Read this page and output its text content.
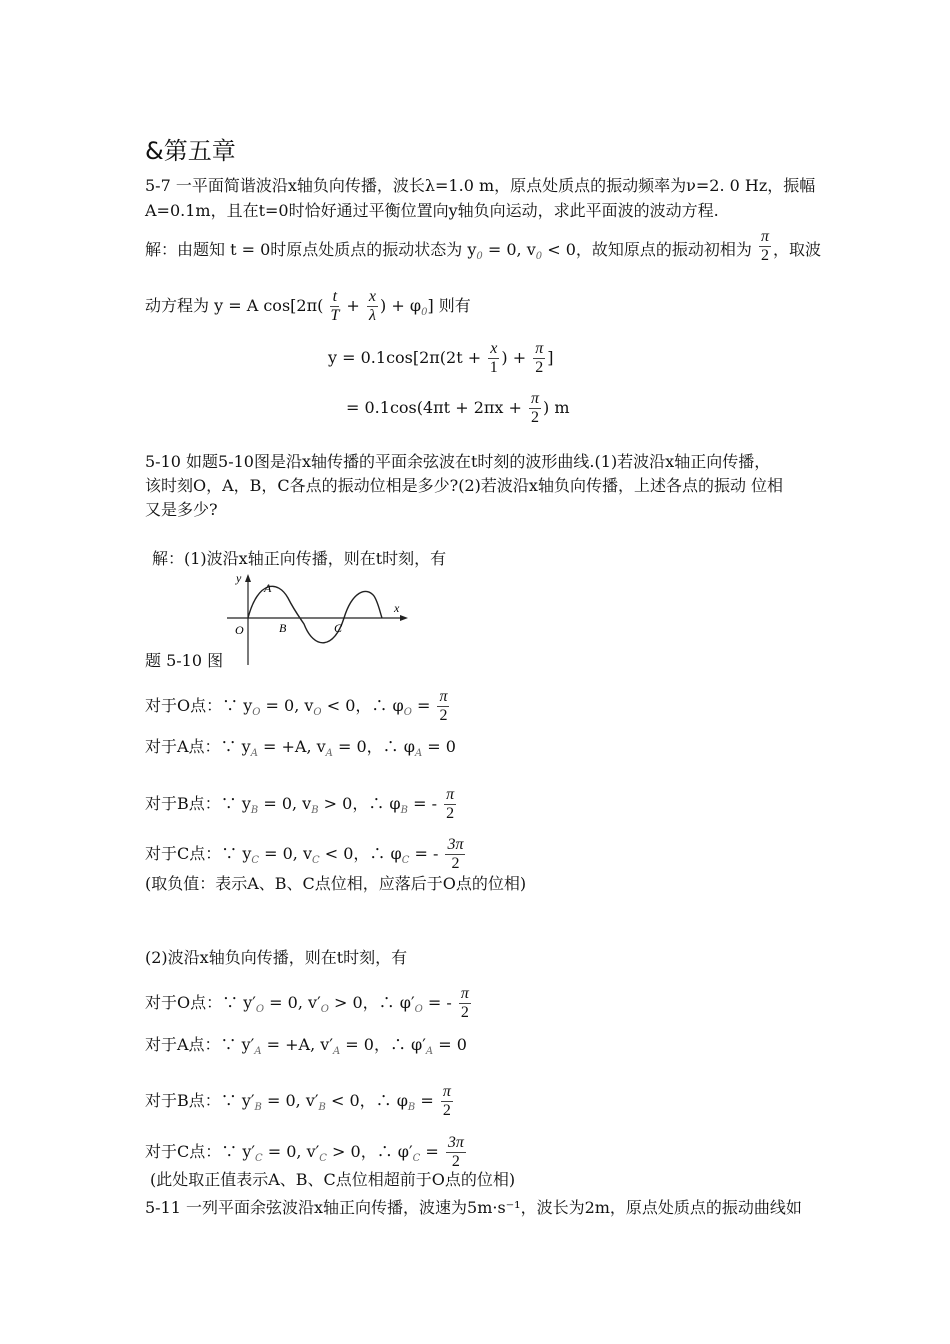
&第五章
5-7 一平面简谐波沿x轴负向传播，波长λ=1.0 m，原点处质点的振动频率为ν=2. 0 Hz，振幅
A=0.1m，且在t=0时恰好通过平衡位置向y轴负向运动，求此平面波的波动方程.
解：由题知 t = 0时原点处质点的振动状态为 $y_0 = 0$, $v_0 < 0$，故知原点的振动初相为 $\frac{\pi}{2}$ ，取波
动方程为 y = A $\cos[2\pi( \frac{t}{T} + \frac{x}{\lambda}$ ) + $\varphi_0$] 则有
$y = 0.1\cos[2\pi(2t + \frac{x}{1}$ ) + $\frac{\pi}{2}$ ]
= $0.1\cos(4\pi t + 2\pi x + \frac{\pi}{2}$ ) m
5-10 如题5-10图是沿x轴传播的平面余弦波在t时刻的波形曲线.(1)若波沿x轴正向传播，
该时刻O，A，B，C各点的振动位相是多少?(2)若波沿x轴负向传播，上述各点的振动 位相
又是多少?
解：(1)波沿x轴正向传播，则在t时刻，有
y
x
O
A
B	C
题 5-10 图
对于O点：∵ $y_O = 0$, $v_O < 0$，∴ $\varphi_O = \frac{\pi}{2}$
对于A点：∵ $y_A = +A$, $v_A = 0$，∴ $\varphi_A = 0$
对于B点：∵ $y_B = 0$, $v_B > 0$，∴ $\varphi_B$ = - $\frac{\pi}{2}$
对于C点：∵ $y_C = 0$, $v_C < 0$，∴ $\varphi_C$ = - $\frac{3\pi}{2}$
(取负值：表示A、B、C点位相，应落后于O点的位相)
(2)波沿x轴负向传播，则在t时刻，有
对于O点：∵ $y'_O = 0$, $v'_O > 0$，∴ $\varphi'_O$ = - $\frac{\pi}{2}$
对于A点：∵ $y'_A = +A$, $v'_A = 0$，∴ $\varphi'_A = 0$
对于B点：∵ $y'_B = 0$, $v'_B < 0$，∴ $\varphi_B = \frac{\pi}{2}$
对于C点：∵ $y'_C = 0$, $v'_C > 0$，∴ $\varphi'_C = \frac{3\pi}{2}$
(此处取正值表示A、B、C点位相超前于O点的位相)
5-11 一列平面余弦波沿x轴正向传播，波速为5m·s⁻¹，波长为2m，原点处质点的振动曲线如
